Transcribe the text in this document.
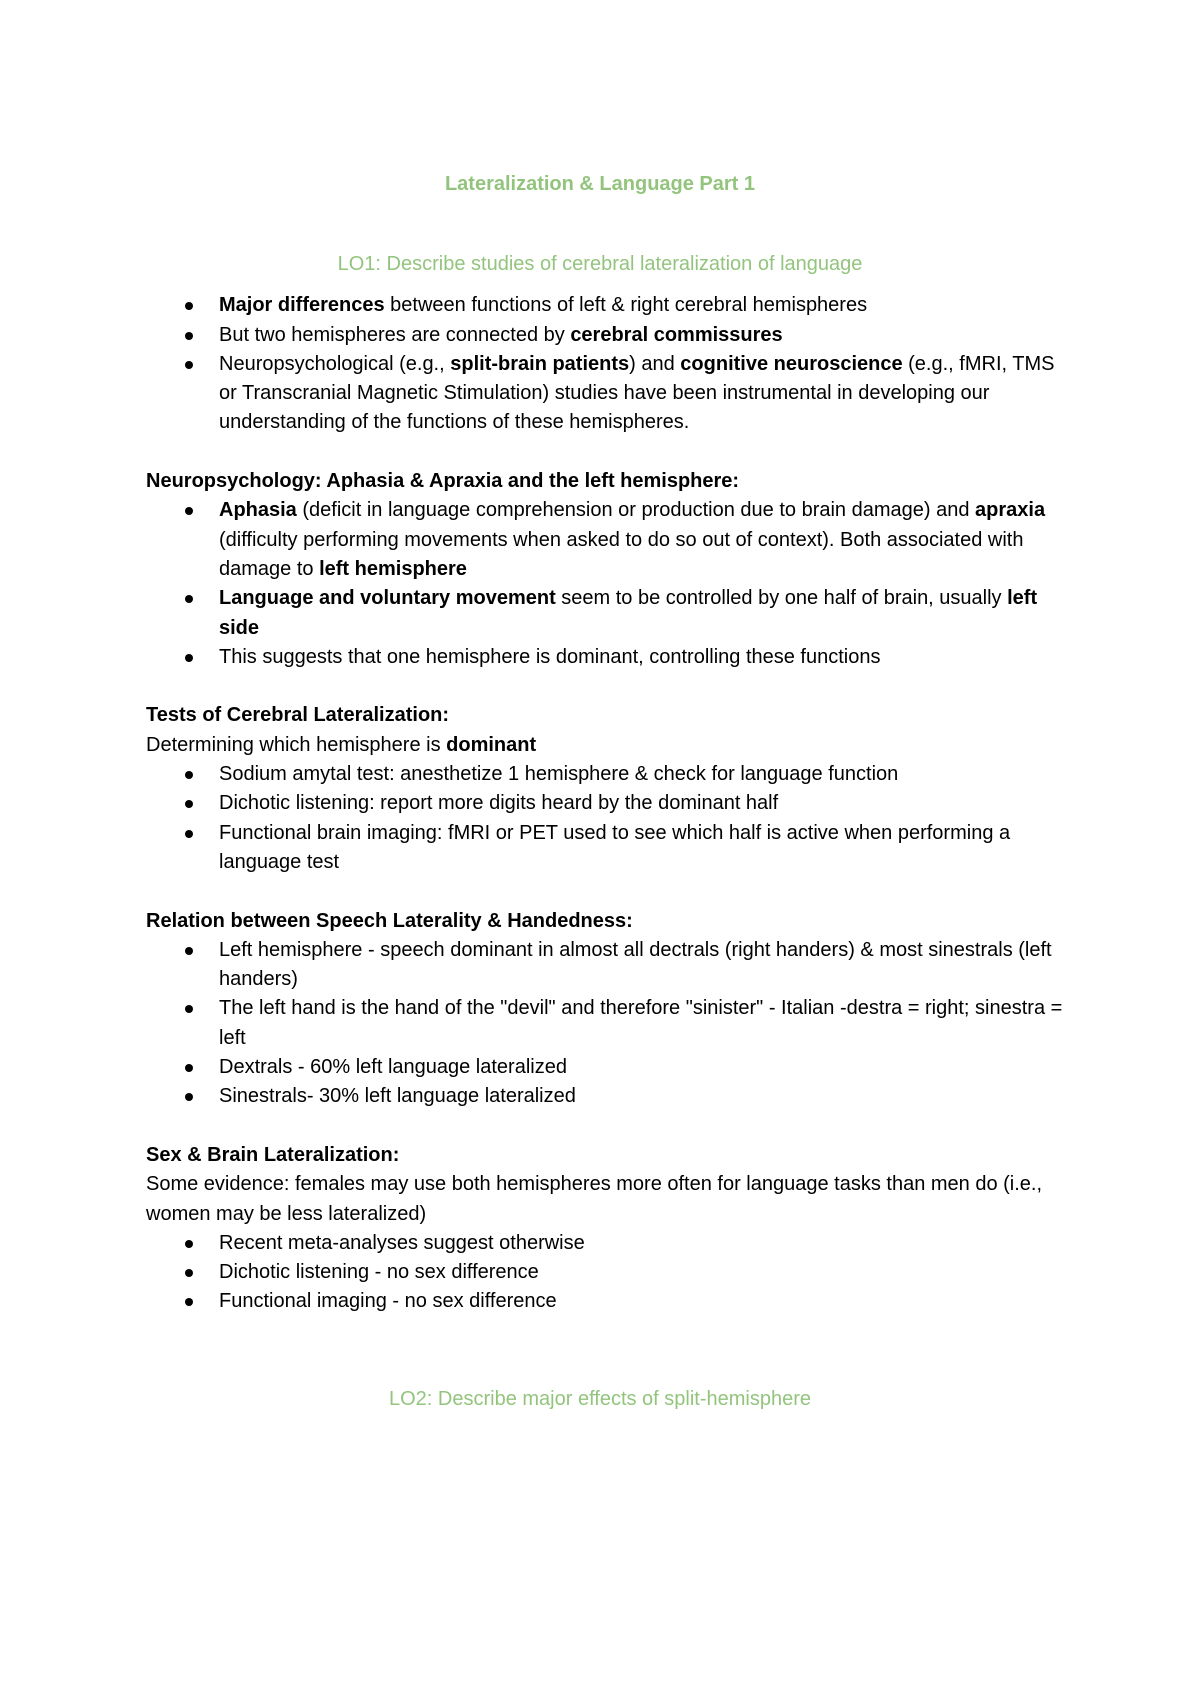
Lateralization & Language Part 1
LO1: Describe studies of cerebral lateralization of language
Major differences between functions of left & right cerebral hemispheres
But two hemispheres are connected by cerebral commissures
Neuropsychological (e.g., split-brain patients) and cognitive neuroscience (e.g., fMRI, TMS or Transcranial Magnetic Stimulation) studies have been instrumental in developing our understanding of the functions of these hemispheres.

Neuropsychology: Aphasia & Apraxia and the left hemisphere:

Aphasia (deficit in language comprehension or production due to brain damage) and apraxia (difficulty performing movements when asked to do so out of context). Both associated with damage to left hemisphere
Language and voluntary movement seem to be controlled by one half of brain, usually left side
This suggests that one hemisphere is dominant, controlling these functions

Tests of Cerebral Lateralization:

Determining which hemisphere is dominant

Sodium amytal test: anesthetize 1 hemisphere & check for language function
Dichotic listening: report more digits heard by the dominant half
Functional brain imaging: fMRI or PET used to see which half is active when performing a language test

Relation between Speech Laterality & Handedness:

Left hemisphere - speech dominant in almost all dectrals (right handers) & most sinestrals (left handers)
The left hand is the hand of the "devil" and therefore "sinister" - Italian -destra = right; sinestra = left
Dextrals - 60% left language lateralized
Sinestrals- 30% left language lateralized

Sex & Brain Lateralization:

Some evidence: females may use both hemispheres more often for language tasks than men do (i.e., women may be less lateralized)

Recent meta-analyses suggest otherwise
Dichotic listening - no sex difference
Functional imaging - no sex difference
LO2: Describe major effects of split-hemisphere
